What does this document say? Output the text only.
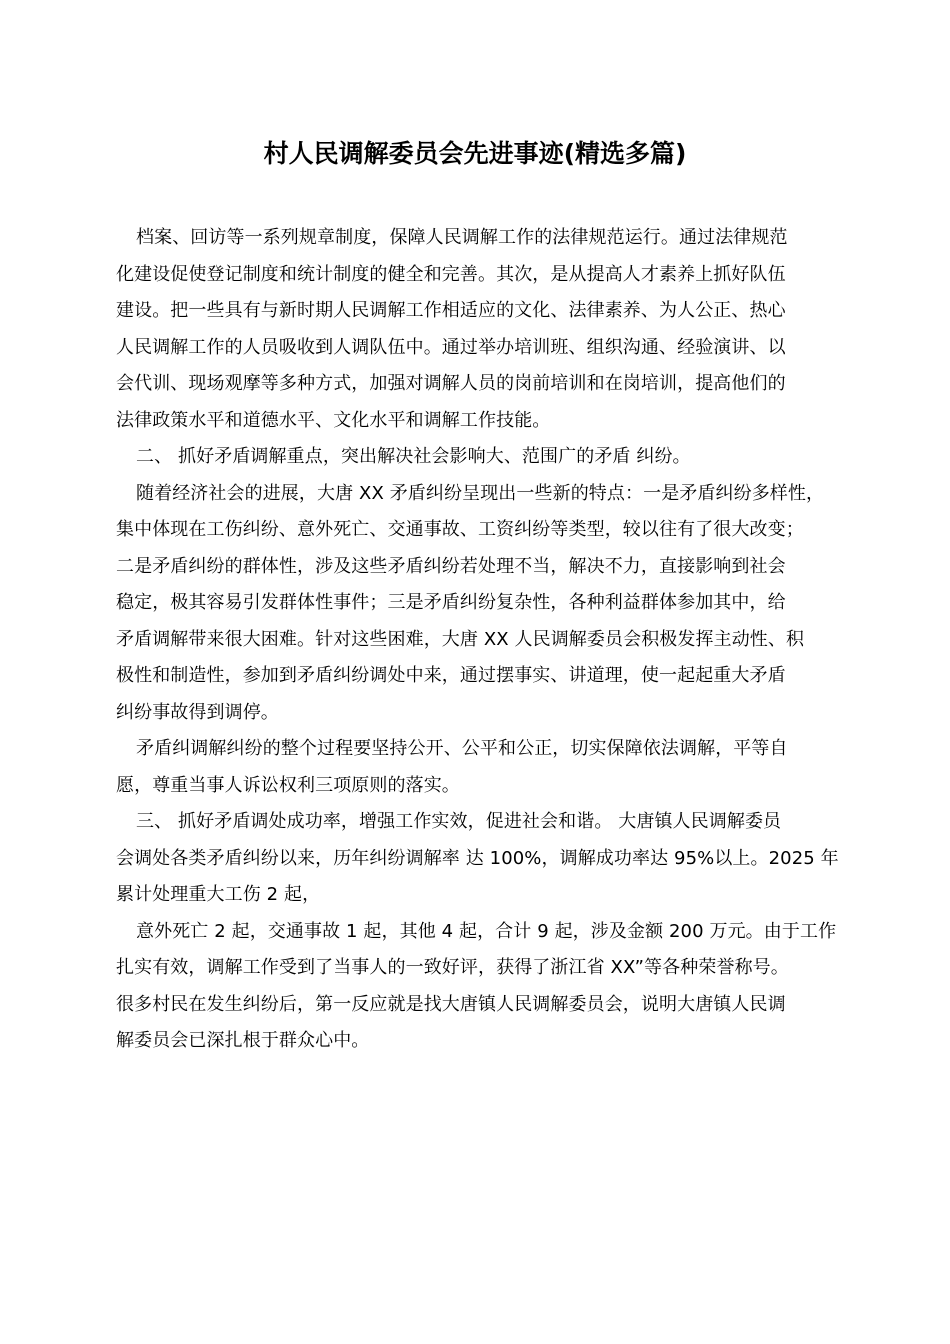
村人民调解委员会先进事迹(精选多篇)
档案、回访等一系列规章制度，保障人民调解工作的法律规范运行。通过法律规范
化建设促使登记制度和统计制度的健全和完善。其次，是从提高人才素养上抓好队伍
建设。把一些具有与新时期人民调解工作相适应的文化、法律素养、为人公正、热心
人民调解工作的人员吸收到人调队伍中。通过举办培训班、组织沟通、经验演讲、以
会代训、现场观摩等多种方式，加强对调解人员的岗前培训和在岗培训，提高他们的
法律政策水平和道德水平、文化水平和调解工作技能。
二、 抓好矛盾调解重点，突出解决社会影响大、范围广的矛盾 纠纷。
随着经济社会的进展，大唐 XX 矛盾纠纷呈现出一些新的特点：一是矛盾纠纷多样性，
集中体现在工伤纠纷、意外死亡、交通事故、工资纠纷等类型，较以往有了很大改变；
二是矛盾纠纷的群体性，涉及这些矛盾纠纷若处理不当，解决不力，直接影响到社会
稳定，极其容易引发群体性事件；三是矛盾纠纷复杂性，各种利益群体参加其中，给
矛盾调解带来很大困难。针对这些困难，大唐 XX 人民调解委员会积极发挥主动性、积
极性和制造性，参加到矛盾纠纷调处中来，通过摆事实、讲道理，使一起起重大矛盾
纠纷事故得到调停。
矛盾纠调解纠纷的整个过程要坚持公开、公平和公正，切实保障依法调解，平等自
愿，尊重当事人诉讼权利三项原则的落实。
三、 抓好矛盾调处成功率，增强工作实效，促进社会和谐。 大唐镇人民调解委员
会调处各类矛盾纠纷以来，历年纠纷调解率 达 100%，调解成功率达 95%以上。2025 年
累计处理重大工伤 2 起，
意外死亡 2 起，交通事故 1 起，其他 4 起，合计 9 起，涉及金额 200 万元。由于工作
扎实有效，调解工作受到了当事人的一致好评，获得了浙江省 XX”等各种荣誉称号。
很多村民在发生纠纷后，第一反应就是找大唐镇人民调解委员会，说明大唐镇人民调
解委员会已深扎根于群众心中。
